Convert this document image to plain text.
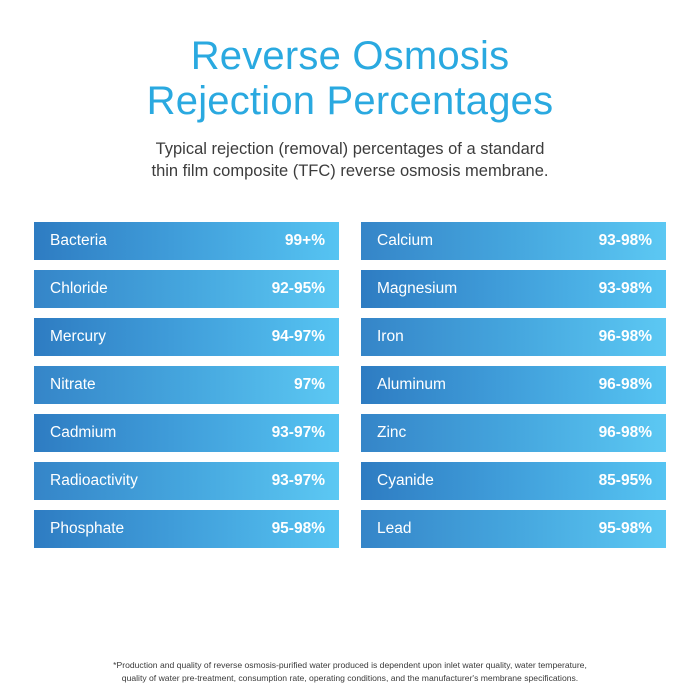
Reverse Osmosis
Rejection Percentages

Typical rejection (removal) percentages of a standard
thin film composite (TFC) reverse osmosis membrane.

Bacteria	99+%	Calcium	93-98%
Chloride	92-95%	Magnesium	93-98%
Mercury	94-97%	Iron	96-98%
Nitrate	97%	Aluminum	96-98%
Cadmium	93-97%	Zinc	96-98%
Radioactivity	93-97%	Cyanide	85-95%
Phosphate	95-98%	Lead	95-98%
*Production and quality of reverse osmosis-purified water produced is dependent upon inlet water quality, water temperature,
quality of water pre-treatment, consumption rate, operating conditions, and the manufacturer's membrane specifications.
